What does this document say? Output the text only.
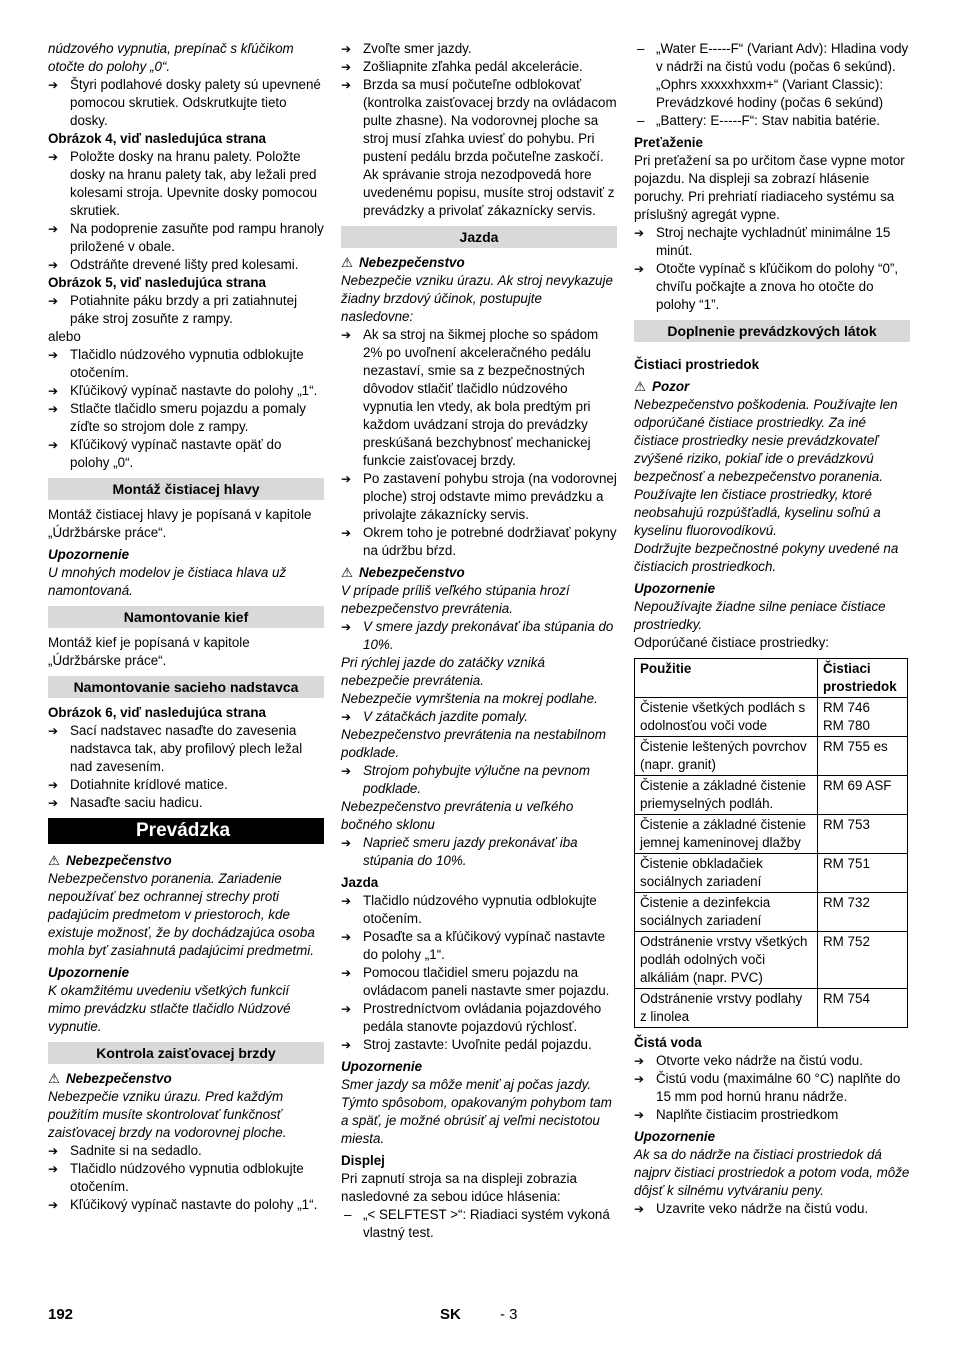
núdzového vypnutia, prepínač s kľúčikom otočte do polohy „0“.

➔ Štyri podlahové dosky palety sú upevnené pomocou skrutiek. Odskrutkujte tieto dosky.

Obrázok 4, viď nasledujúca strana

➔ Položte dosky na hranu palety. Položte dosky na hranu palety tak, aby ležali pred kolesami stroja. Upevnite dosky pomocou skrutiek.

➔ Na podoprenie zasuňte pod rampu hranoly priložené v obale.

➔ Odstráňte drevené lišty pred kolesami.

Obrázok 5, viď nasledujúca strana

➔ Potiahnite páku brzdy a pri zatiahnutej páke stroj zosuňte z rampy.

alebo

➔ Tlačidlo núdzového vypnutia odblokujte otočením.

➔ Kľúčikový vypínač nastavte do polohy „1“.

➔ Stlačte tlačidlo smeru pojazdu a pomaly zíďte so strojom dole z rampy.

➔ Kľúčikový vypínač nastavte opäť do polohy „0“.

Montáž čistiacej hlavy

Montáž čistiacej hlavy je popísaná v kapitole „Údržbárske práce“.

Upozornenie

U mnohých modelov je čistiaca hlava už namontovaná.

Namontovanie kief

Montáž kief je popísaná v kapitole „Údržbárske práce“.

Namontovanie sacieho nadstavca

Obrázok 6, viď nasledujúca strana

➔ Sací nadstavec nasaďte do zavesenia nadstavca tak, aby profilový plech ležal nad zavesením.

➔ Dotiahnite krídlové matice.

➔ Nasaďte saciu hadicu.

Prevádzka

⚠ Nebezpečenstvo

Nebezpečenstvo poranenia. Zariadenie nepoužívať bez ochrannej strechy proti padajúcim predmetom v priestoroch, kde existuje možnosť, že by dochádzajúca osoba mohla byť zasiahnutá padajúcimi predmetmi.

Upozornenie

K okamžitému uvedeniu všetkých funkcií mimo prevádzku stlačte tlačidlo Núdzové vypnutie.

Kontrola zaisťovacej brzdy

⚠ Nebezpečenstvo

Nebezpečie vzniku úrazu. Pred každým použitím musíte skontrolovať funkčnosť zaisťovacej brzdy na vodorovnej ploche.

➔ Sadnite si na sedadlo.

➔ Tlačidlo núdzového vypnutia odblokujte otočením.

➔ Kľúčikový vypínač nastavte do polohy „1“.

➔ Zvoľte smer jazdy.

➔ Zošliapnite zľahka pedál akcelerácie.

➔ Brzda sa musí počuteľne odblokovať (kontrolka zaisťovacej brzdy na ovládacom pulte zhasne). Na vodorovnej ploche sa stroj musí zľahka uviesť do pohybu. Pri pustení pedálu brzda počuteľne zaskočí. Ak správanie stroja nezodpovedá hore uvedenému popisu, musíte stroj odstaviť z prevádzky a privolať zákaznícky servis.

Jazda

⚠ Nebezpečenstvo

Nebezpečie vzniku úrazu. Ak stroj nevykazuje žiadny brzdový účinok, postupujte nasledovne:

➔ Ak sa stroj na šikmej ploche so spádom 2% po uvoľnení akceleračného pedálu nezastaví, smie sa z bezpečnostných dôvodov stlačiť tlačidlo núdzového vypnutia len vtedy, ak bola predtým pri každom uvádzaní stroja do prevádzky preskúšaná bezchybnosť mechanickej funkcie zaisťovacej brzdy.

➔ Po zastavení pohybu stroja (na vodorovnej ploche) stroj odstavte mimo prevádzku a privolajte zákaznícky servis.

➔ Okrem toho je potrebné dodržiavať pokyny na údržbu bŕzd.

⚠ Nebezpečenstvo

V prípade príliš veľkého stúpania hrozí nebezpečenstvo prevrátenia.

➔ V smere jazdy prekonávať iba stúpania do 10%.

Pri rýchlej jazde do zatáčky vzniká nebezpečie prevrátenia.

Nebezpečie vymrštenia na mokrej podlahe.

➔ V zátačkách jazdite pomaly.

Nebezpečenstvo prevrátenia na nestabilnom podklade.

➔ Strojom pohybujte výlučne na pevnom podklade.

Nebezpečenstvo prevrátenia u veľkého bočného sklonu

➔ Naprieč smeru jazdy prekonávať iba stúpania do 10%.

Jazda

➔ Tlačidlo núdzového vypnutia odblokujte otočením.

➔ Posaďte sa a kľúčikový vypínač nastavte do polohy „1“.

➔ Pomocou tlačidiel smeru pojazdu na ovládacom paneli nastavte smer pojazdu.

➔ Prostredníctvom ovládania pojazdového pedála stanovte pojazdovú rýchlosť.

➔ Stroj zastavte: Uvoľnite pedál pojazdu.

Upozornenie

Smer jazdy sa môže meniť aj počas jazdy. Týmto spôsobom, opakovaným pohybom tam a späť, je možné obrúsiť aj veľmi necistotou miesta.

Displej

Pri zapnutí stroja sa na displeji zobrazia nasledovné za sebou idúce hlásenia:

– „< SELFTEST >“: Riadiaci systém vykoná vlastný test.

– „Water E-----F“ (Variant Adv): Hladina vody v nádrži na čistú vodu (počas 6 sekúnd).

„Ophrs xxxxxhxxm+“ (Variant Classic): Prevádzkové hodiny (počas 6 sekúnd)

– „Battery: E-----F“: Stav nabitia batérie.

Preťaženie

Pri preťažení sa po určitom čase vypne motor pojazdu. Na displeji sa zobrazí hlásenie poruchy. Pri prehriatí riadiaceho systému sa príslušný agregát vypne.

➔ Stroj nechajte vychladnúť minimálne 15 minút.

➔ Otočte vypínač s kľúčikom do polohy “0”, chvíľu počkajte a znova ho otočte do polohy “1”.

Doplnenie prevádzkových látok

Čistiaci prostriedok

⚠ Pozor

Nebezpečenstvo poškodenia. Používajte len odporúčané čistiace prostriedky. Za iné čistiace prostriedky nesie prevádzkovateľ zvýšené riziko, pokiaľ ide o prevádzkovú bezpečnosť a nebezpečenstvo poranenia. Používajte len čistiace prostriedky, ktoré neobsahujú rozpúšťadlá, kyselinu soľnú a kyselinu fluorovodíkovú.

Dodržujte bezpečnostné pokyny uvedené na čistiacich prostriedkoch.

Upozornenie

Nepoužívajte žiadne silne peniace čistiace prostriedky.

Odporúčané čistiace prostriedky:

Použitie	Čistiaci prostriedok
Čistenie všetkých podlách s odolnosťou voči vode	RM 746
RM 780
Čistenie leštených povrchov (napr. granit)	RM 755 es
Čistenie a základné čistenie priemyselných podláh.	RM 69 ASF
Čistenie a základné čistenie jemnej kameninovej dlažby	RM 753
Čistenie obkladačiek sociálnych zariadení	RM 751
Čistenie a dezinfekcia sociálnych zariadení	RM 732
Odstránenie vrstvy všetkých podláh odolných voči alkáliám (napr. PVC)	RM 752
Odstránenie vrstvy podlahy z linolea	RM 754

Čistá voda

➔ Otvorte veko nádrže na čistú vodu.

➔ Čistú vodu (maximálne 60 °C) naplňte do 15 mm pod hornú hranu nádrže.

➔ Naplňte čistiacim prostriedkom

Upozornenie

Ak sa do nádrže na čistiaci prostriedok dá najprv čistiaci prostriedok a potom voda, môže dôjsť k silnému vytváraniu peny.

➔ Uzavrite veko nádrže na čistú vodu.

192	SK	- 3
